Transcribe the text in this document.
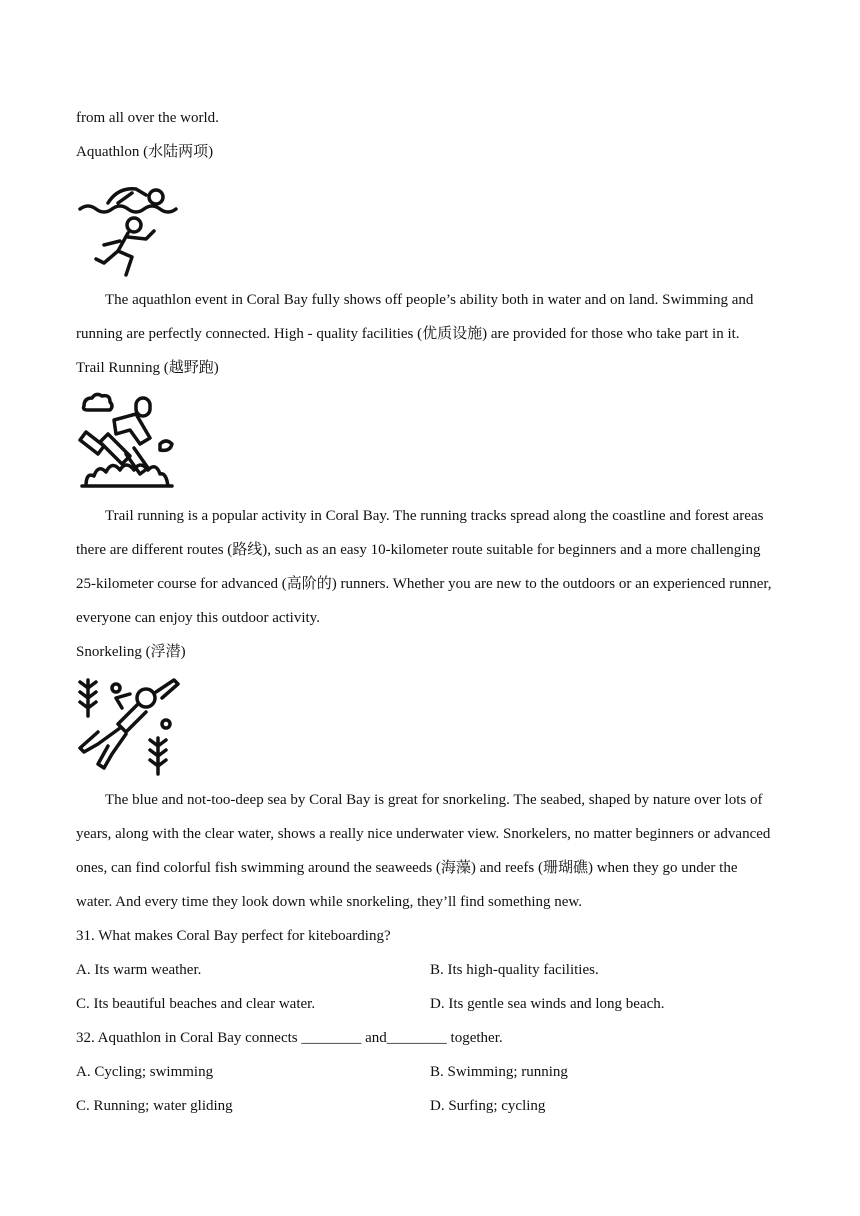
from all over the world.
Aquathlon (水陆两项)
The aquathlon event in Coral Bay fully shows off people’s ability both in water and on land. Swimming and
running are perfectly connected. High - quality facilities (优质设施) are provided for those who take part in it.
Trail Running (越野跑)
Trail running is a popular activity in Coral Bay. The running tracks spread along the coastline and forest areas
there are different routes (路线), such as an easy 10-kilometer route suitable for beginners and a more challenging
25-kilometer course for advanced (高阶的) runners. Whether you are new to the outdoors or an experienced runner,
everyone can enjoy this outdoor activity.
Snorkeling (浮潜)
The blue and not-too-deep sea by Coral Bay is great for snorkeling. The seabed, shaped by nature over lots of
years, along with the clear water, shows a really nice underwater view. Snorkelers, no matter beginners or advanced
ones, can find colorful fish swimming around the seaweeds (海藻) and reefs (珊瑚礁) when they go under the
water. And every time they look down while snorkeling, they’ll find something new.
31. What makes Coral Bay perfect for kiteboarding?
A. Its warm weather.	B. Its high-quality facilities.
C. Its beautiful beaches and clear water.	D. Its gentle sea winds and long beach.
32. Aquathlon in Coral Bay connects ________ and________ together.
A. Cycling; swimming	B. Swimming; running
C. Running; water gliding	D. Surfing; cycling
